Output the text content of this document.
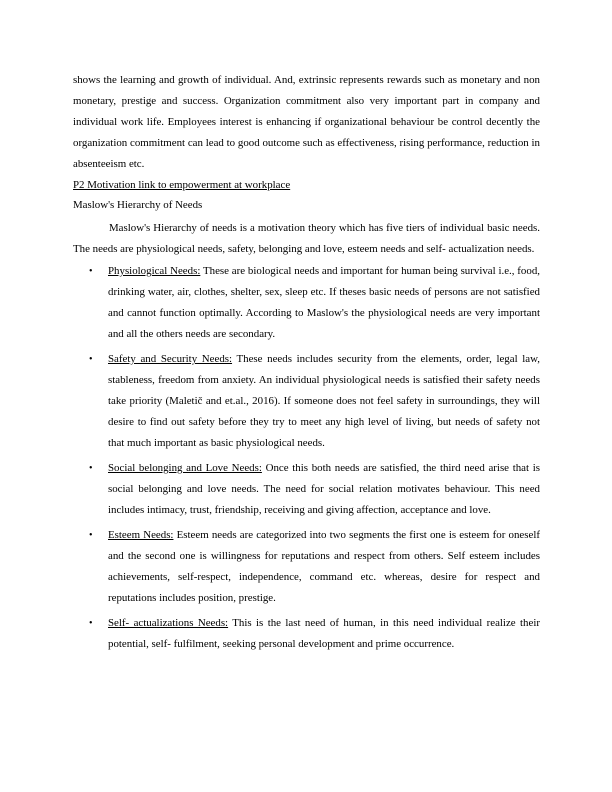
shows the learning and growth of individual. And, extrinsic represents rewards such as monetary and non monetary, prestige and success. Organization commitment also very important part in company and individual work life. Employees interest is enhancing if organizational behaviour be control decently the organization commitment can lead to good outcome such as effectiveness, rising performance, reduction in absenteeism etc.

P2 Motivation link to empowerment at workplace

Maslow's Hierarchy of Needs

Maslow's Hierarchy of needs is a motivation theory which has five tiers of individual basic needs. The needs are physiological needs, safety, belonging and love, esteem needs and self- actualization needs.

• Physiological Needs: These are biological needs and important for human being survival i.e., food, drinking water, air, clothes, shelter, sex, sleep etc. If theses basic needs of persons are not satisfied and cannot function optimally. According to Maslow's the physiological needs are very important and all the others needs are secondary.
• Safety and Security Needs: These needs includes security from the elements, order, legal law, stableness, freedom from anxiety. An individual physiological needs is satisfied their safety needs take priority (Maletič and et.al., 2016). If someone does not feel safety in surroundings, they will desire to find out safety before they try to meet any high level of living, but needs of safety not that much important as basic physiological needs.
• Social belonging and Love Needs: Once this both needs are satisfied, the third need arise that is social belonging and love needs. The need for social relation motivates behaviour. This need includes intimacy, trust, friendship, receiving and giving affection, acceptance and love.
• Esteem Needs: Esteem needs are categorized into two segments the first one is esteem for oneself and the second one is willingness for reputations and respect from others. Self esteem includes achievements, self-respect, independence, command etc. whereas, desire for respect and reputations includes position, prestige.
• Self- actualizations Needs: This is the last need of human, in this need individual realize their potential, self- fulfilment, seeking personal development and prime occurrence.
